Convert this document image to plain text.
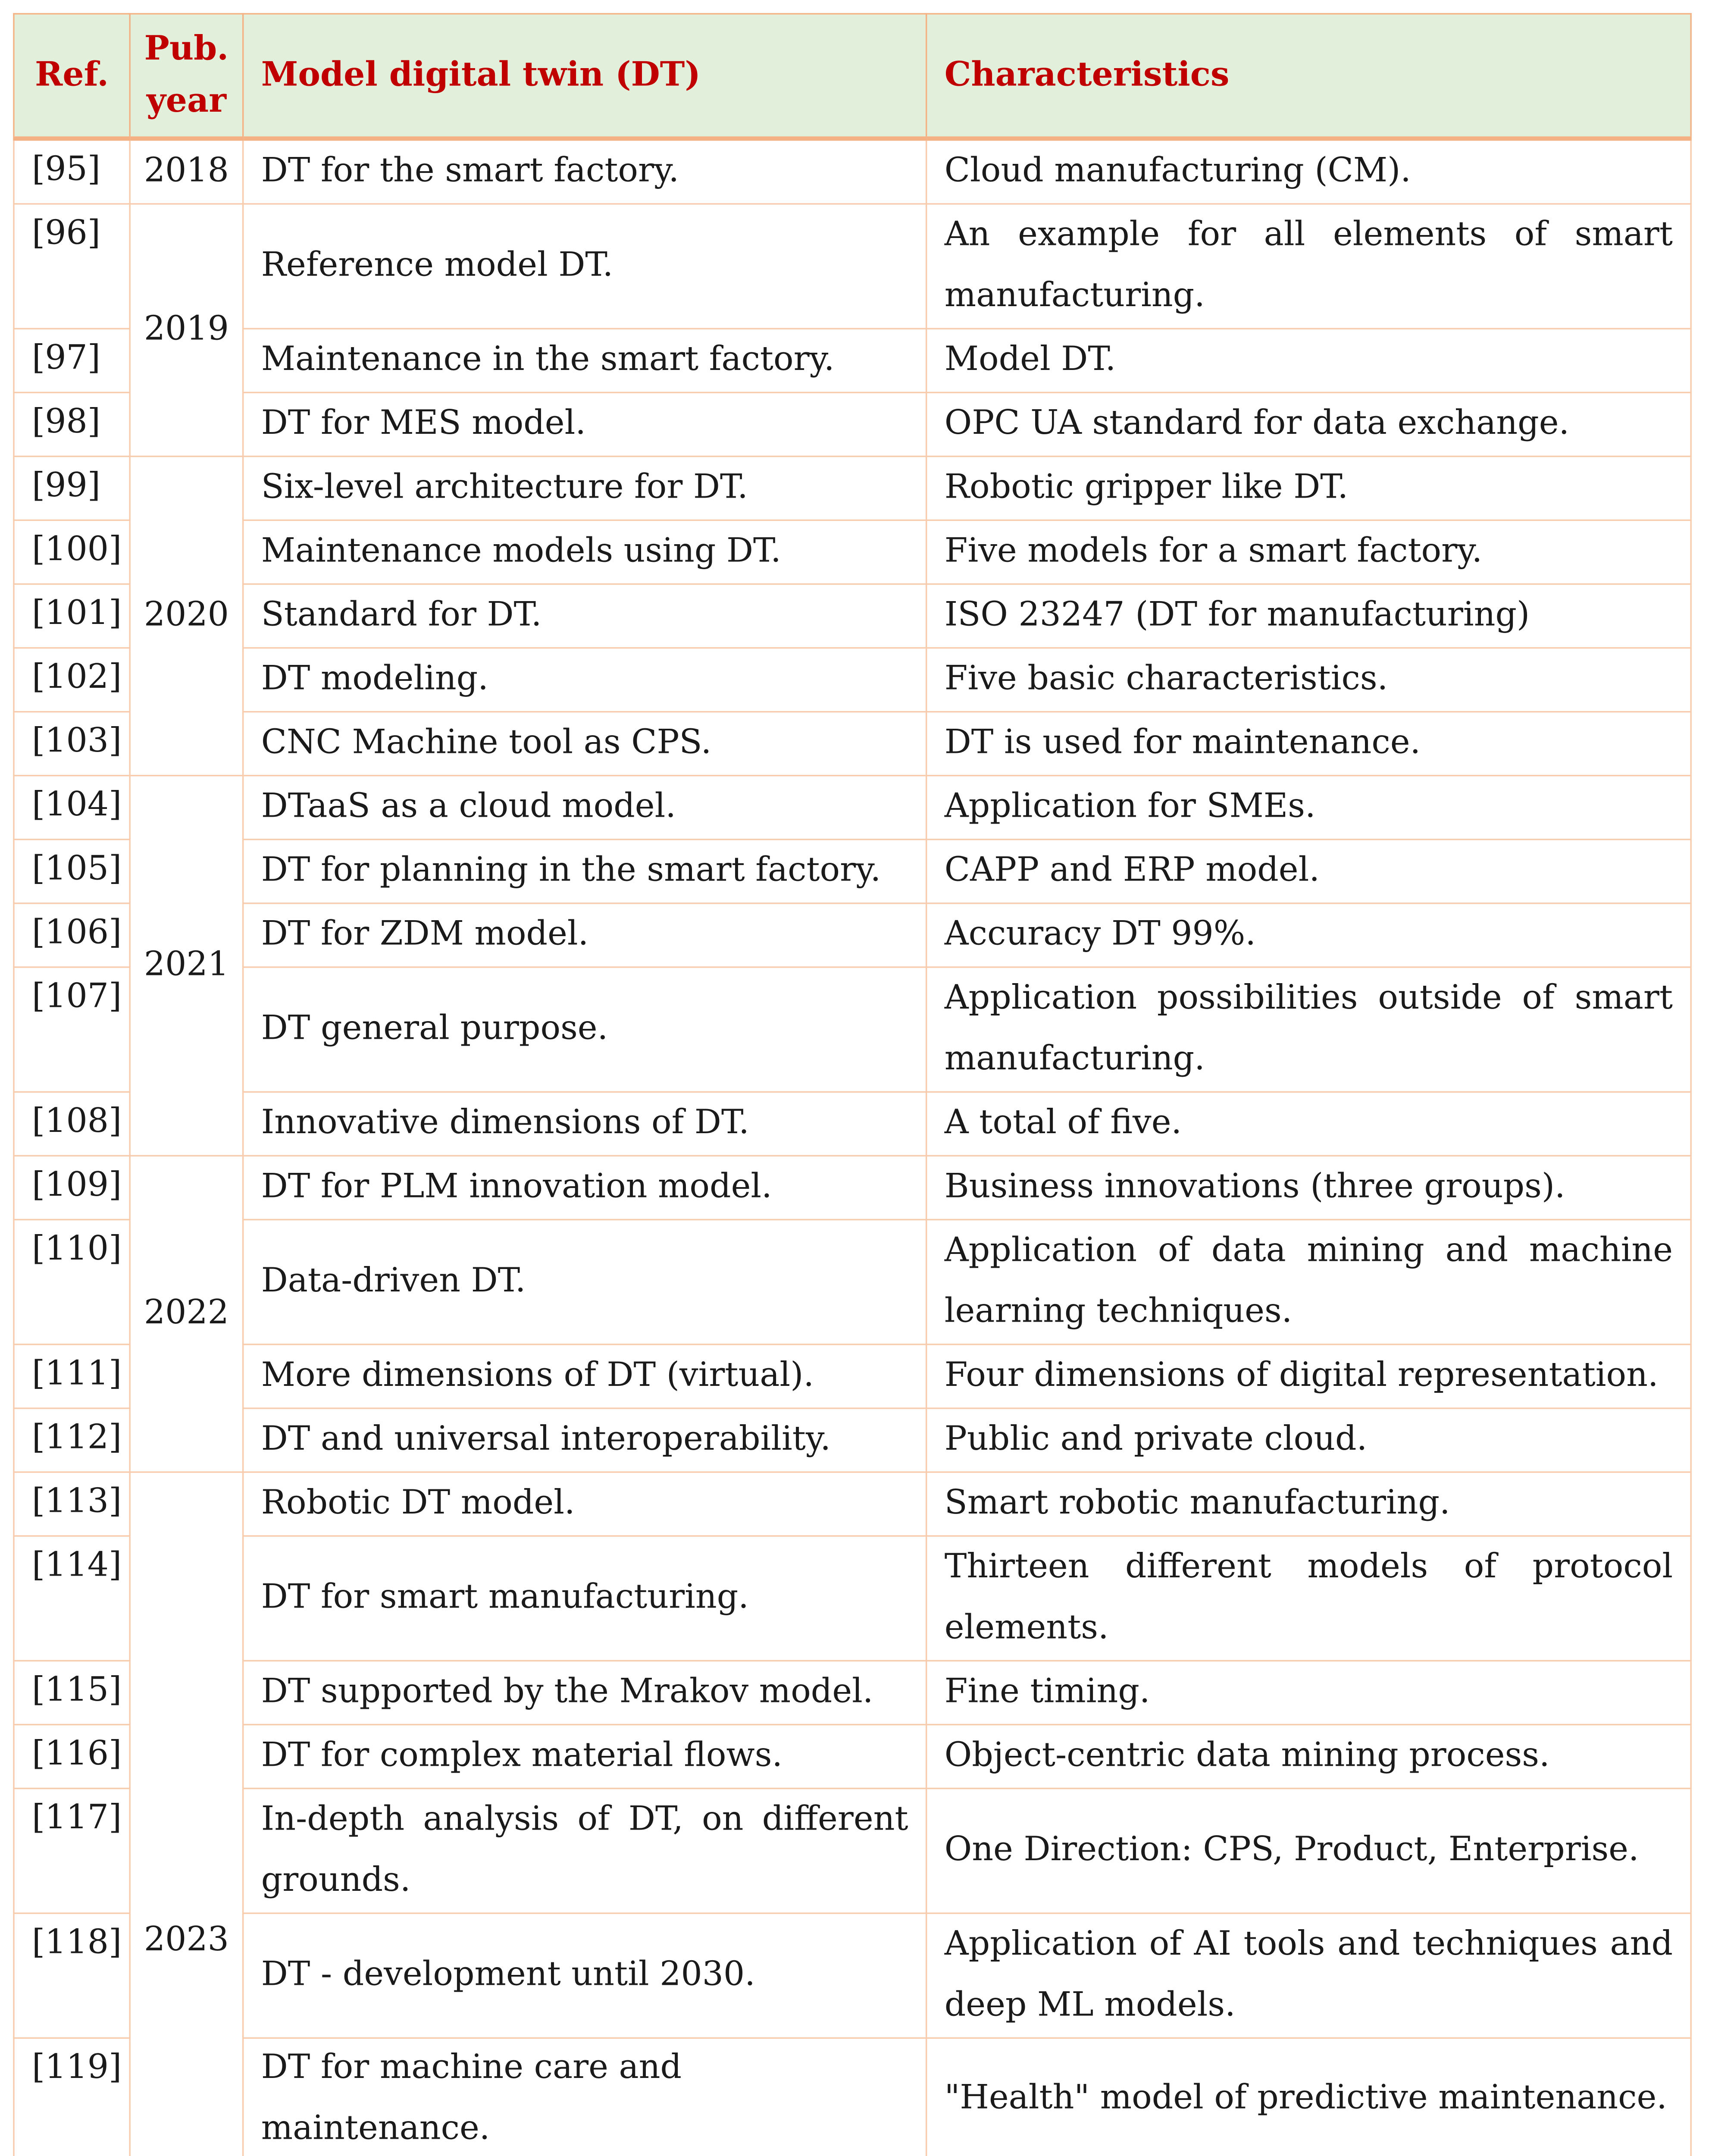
Ref.	Pub. year	Model digital twin (DT)	Characteristics
[95]	2018	DT for the smart factory.	Cloud manufacturing (CM).
[96]	2019	Reference model DT.	An example for all elements of smart manufacturing.
[97]		Maintenance in the smart factory.	Model DT.
[98]		DT for MES model.	OPC UA standard for data exchange.
[99]	2020	Six-level architecture for DT.	Robotic gripper like DT.
[100]		Maintenance models using DT.	Five models for a smart factory.
[101]		Standard for DT.	ISO 23247 (DT for manufacturing)
[102]		DT modeling.	Five basic characteristics.
[103]		CNC Machine tool as CPS.	DT is used for maintenance.
[104]	2021	DTaaS as a cloud model.	Application for SMEs.
[105]		DT for planning in the smart factory.	CAPP and ERP model.
[106]		DT for ZDM model.	Accuracy DT 99%.
[107]		DT general purpose.	Application possibilities outside of smart manufacturing.
[108]		Innovative dimensions of DT.	A total of five.
[109]	2022	DT for PLM innovation model.	Business innovations (three groups).
[110]		Data-driven DT.	Application of data mining and machine learning techniques.
[111]		More dimensions of DT (virtual).	Four dimensions of digital representation.
[112]		DT and universal interoperability.	Public and private cloud.
[113]	2023	Robotic DT model.	Smart robotic manufacturing.
[114]		DT for smart manufacturing.	Thirteen different models of protocol elements.
[115]		DT supported by the Mrakov model.	Fine timing.
[116]		DT for complex material flows.	Object-centric data mining process.
[117]		In-depth analysis of DT, on different grounds.	One Direction: CPS, Product, Enterprise.
[118]		DT - development until 2030.	Application of AI tools and techniques and deep ML models.
[119]		DT for machine care and maintenance.	"Health" model of predictive maintenance.
